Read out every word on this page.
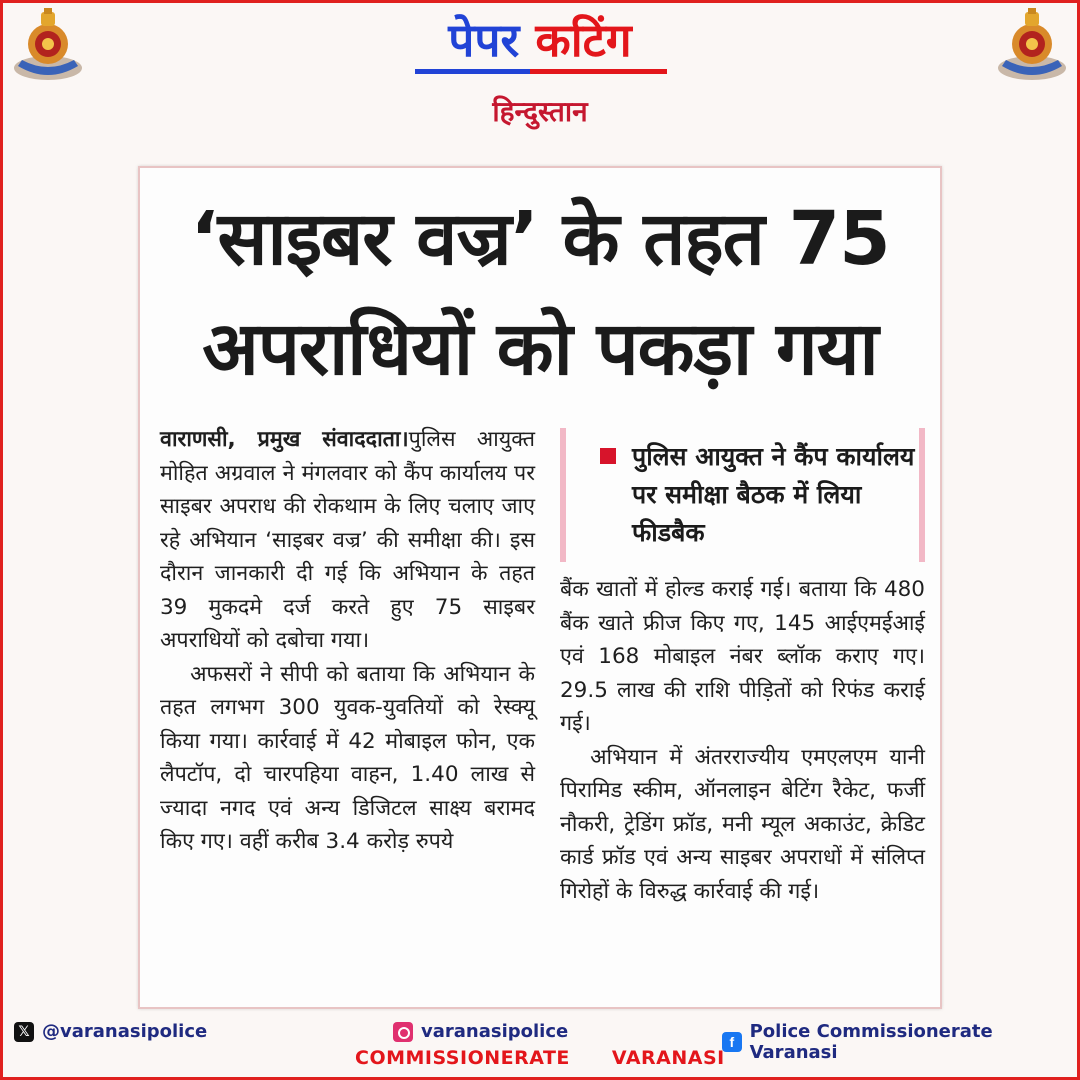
पेपर कटिंग
हिन्दुस्तान
‘साइबर वज्र’ के तहत 75 अपराधियों को पकड़ा गया

वाराणसी, प्रमुख संवाददाता।पुलिस आयुक्त मोहित अग्रवाल ने मंगलवार को कैंप कार्यालय पर साइबर अपराध की रोकथाम के लिए चलाए जाए रहे अभियान ‘साइबर वज्र’ की समीक्षा की। इस दौरान जानकारी दी गई कि अभियान के तहत 39 मुकदमे दर्ज करते हुए 75 साइबर अपराधियों को दबोचा गया।

अफसरों ने सीपी को बताया कि अभियान के तहत लगभग 300 युवक-युवतियों को रेस्क्यू किया गया। कार्रवाई में 42 मोबाइल फोन, एक लैपटॉप, दो चारपहिया वाहन, 1.40 लाख से ज्यादा नगद एवं अन्य डिजिटल साक्ष्य बरामद किए गए। वहीं करीब 3.4 करोड़ रुपये

पुलिस आयुक्त ने कैंप कार्यालय पर समीक्षा बैठक में लिया फीडबैक

बैंक खातों में होल्ड कराई गई। बताया कि 480 बैंक खाते फ्रीज किए गए, 145 आईएमईआई एवं 168 मोबाइल नंबर ब्लॉक कराए गए। 29.5 लाख की राशि पीड़ितों को रिफंड कराई गई।

अभियान में अंतरराज्यीय एमएलएम यानी पिरामिड स्कीम, ऑनलाइन बेटिंग रैकेट, फर्जी नौकरी, ट्रेडिंग फ्रॉड, मनी म्यूल अकाउंट, क्रेडिट कार्ड फ्रॉड एवं अन्य साइबर अपराधों में संलिप्त गिरोहों के विरुद्ध कार्रवाई की गई।

𝕏 @varanasipolice	varanasipolice	f Police Commissionerate Varanasi
COMMISSIONERATE VARANASI
